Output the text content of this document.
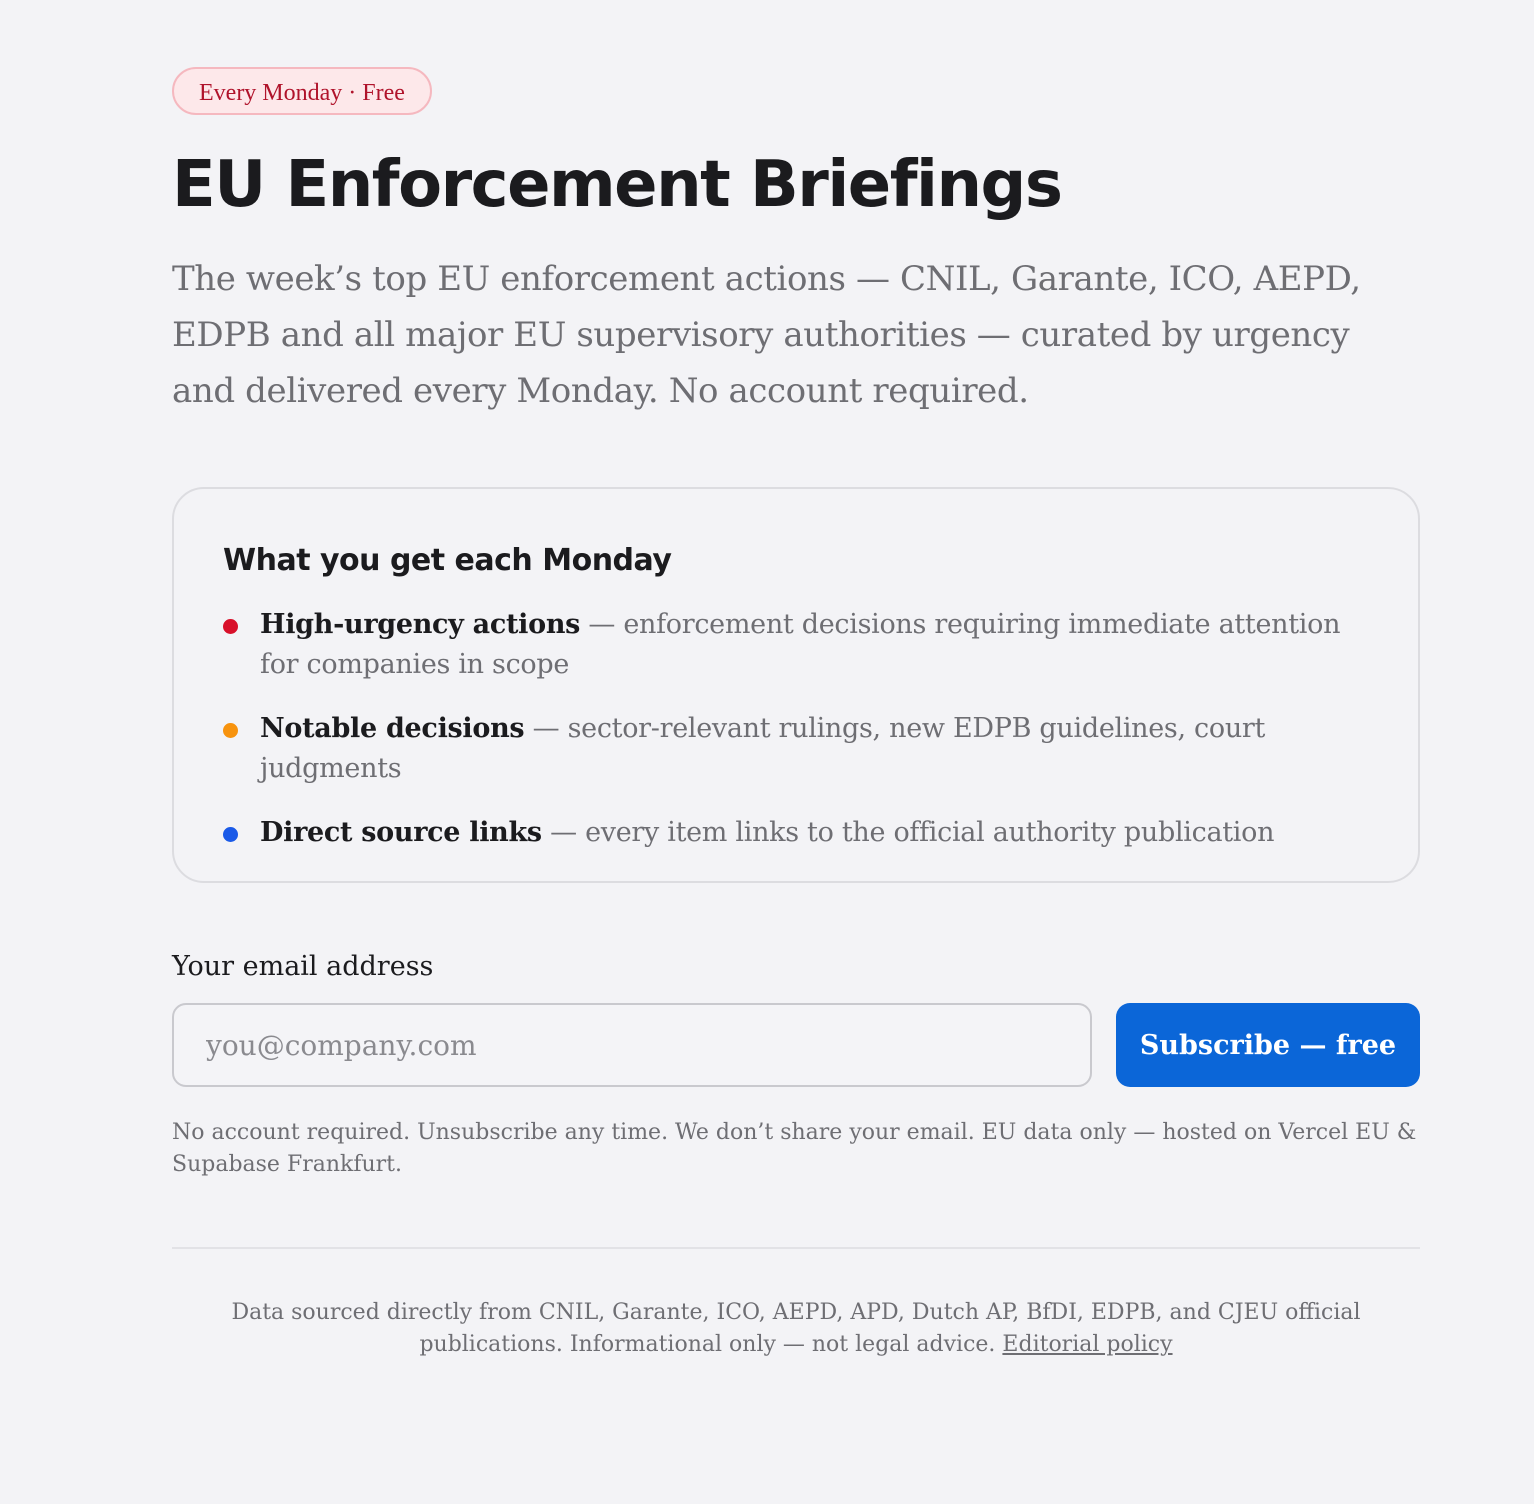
Every Monday · Free
EU Enforcement Briefings

The week’s top EU enforcement actions — CNIL, Garante, ICO, AEPD, EDPB and all major EU supervisory authorities — curated by urgency and delivered every Monday. No account required.

What you get each Monday
High-urgency actions — enforcement decisions requiring immediate attention for companies in scope
Notable decisions — sector-relevant rulings, new EDPB guidelines, court judgments
Direct source links — every item links to the official authority publication
Your email address
you@company.com
Subscribe — free

No account required. Unsubscribe any time. We don’t share your email. EU data only — hosted on Vercel EU & Supabase Frankfurt.

Data sourced directly from CNIL, Garante, ICO, AEPD, APD, Dutch AP, BfDI, EDPB, and CJEU official publications. Informational only — not legal advice. Editorial policy
